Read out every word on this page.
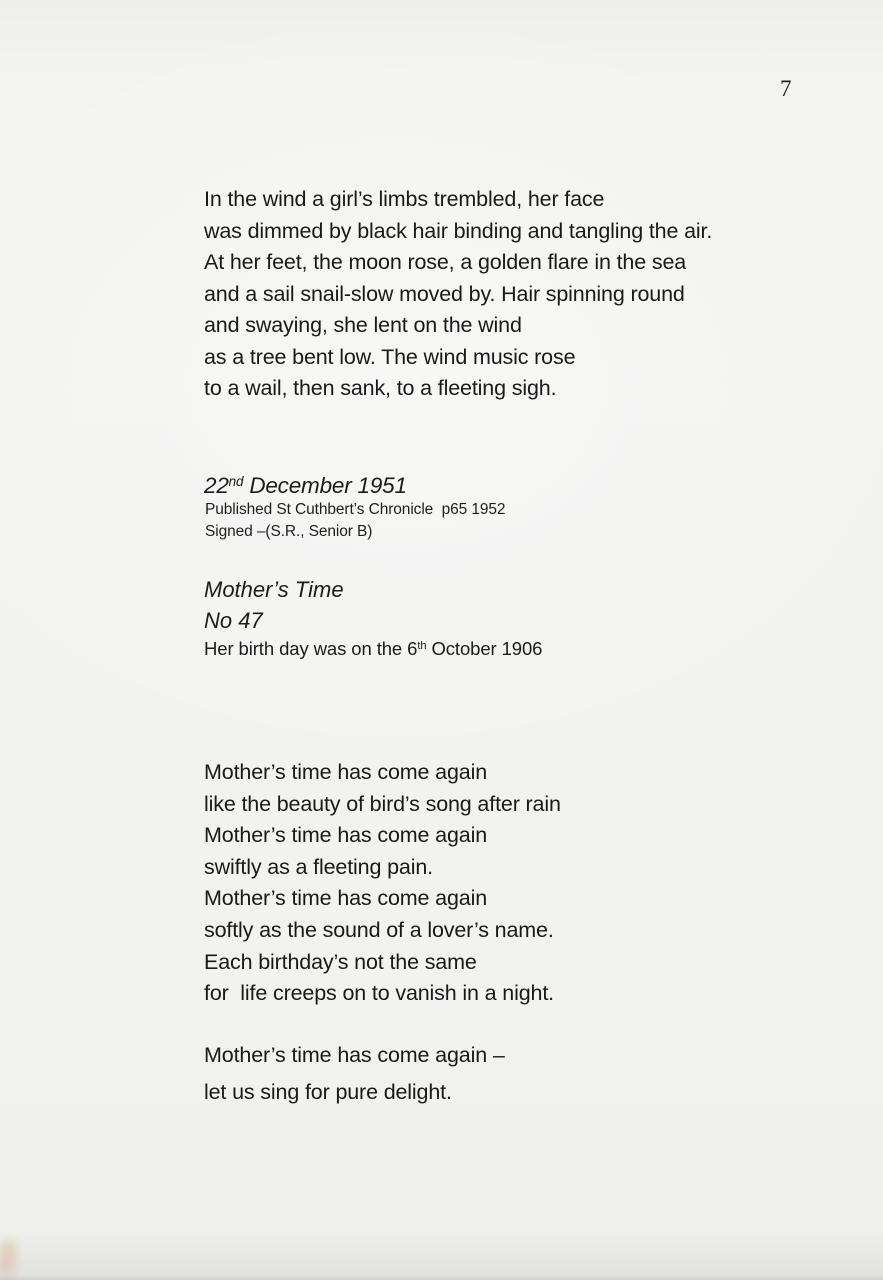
7
In the wind a girl’s limbs trembled, her face
was dimmed by black hair binding and tangling the air.
At her feet, the moon rose, a golden flare in the sea
and a sail snail-slow moved by. Hair spinning round
and swaying, she lent on the wind
as a tree bent low. The wind music rose
to a wail, then sank, to a fleeting sigh.
22nd December 1951
Published St Cuthbert’s Chronicle  p65 1952
Signed –(S.R., Senior B)
Mother’s Time
No 47
Her birth day was on the 6th October 1906
Mother’s time has come again
like the beauty of bird’s song after rain
Mother’s time has come again
swiftly as a fleeting pain.
Mother’s time has come again
softly as the sound of a lover’s name.
Each birthday’s not the same
for  life creeps on to vanish in a night.
Mother’s time has come again –
let us sing for pure delight.
